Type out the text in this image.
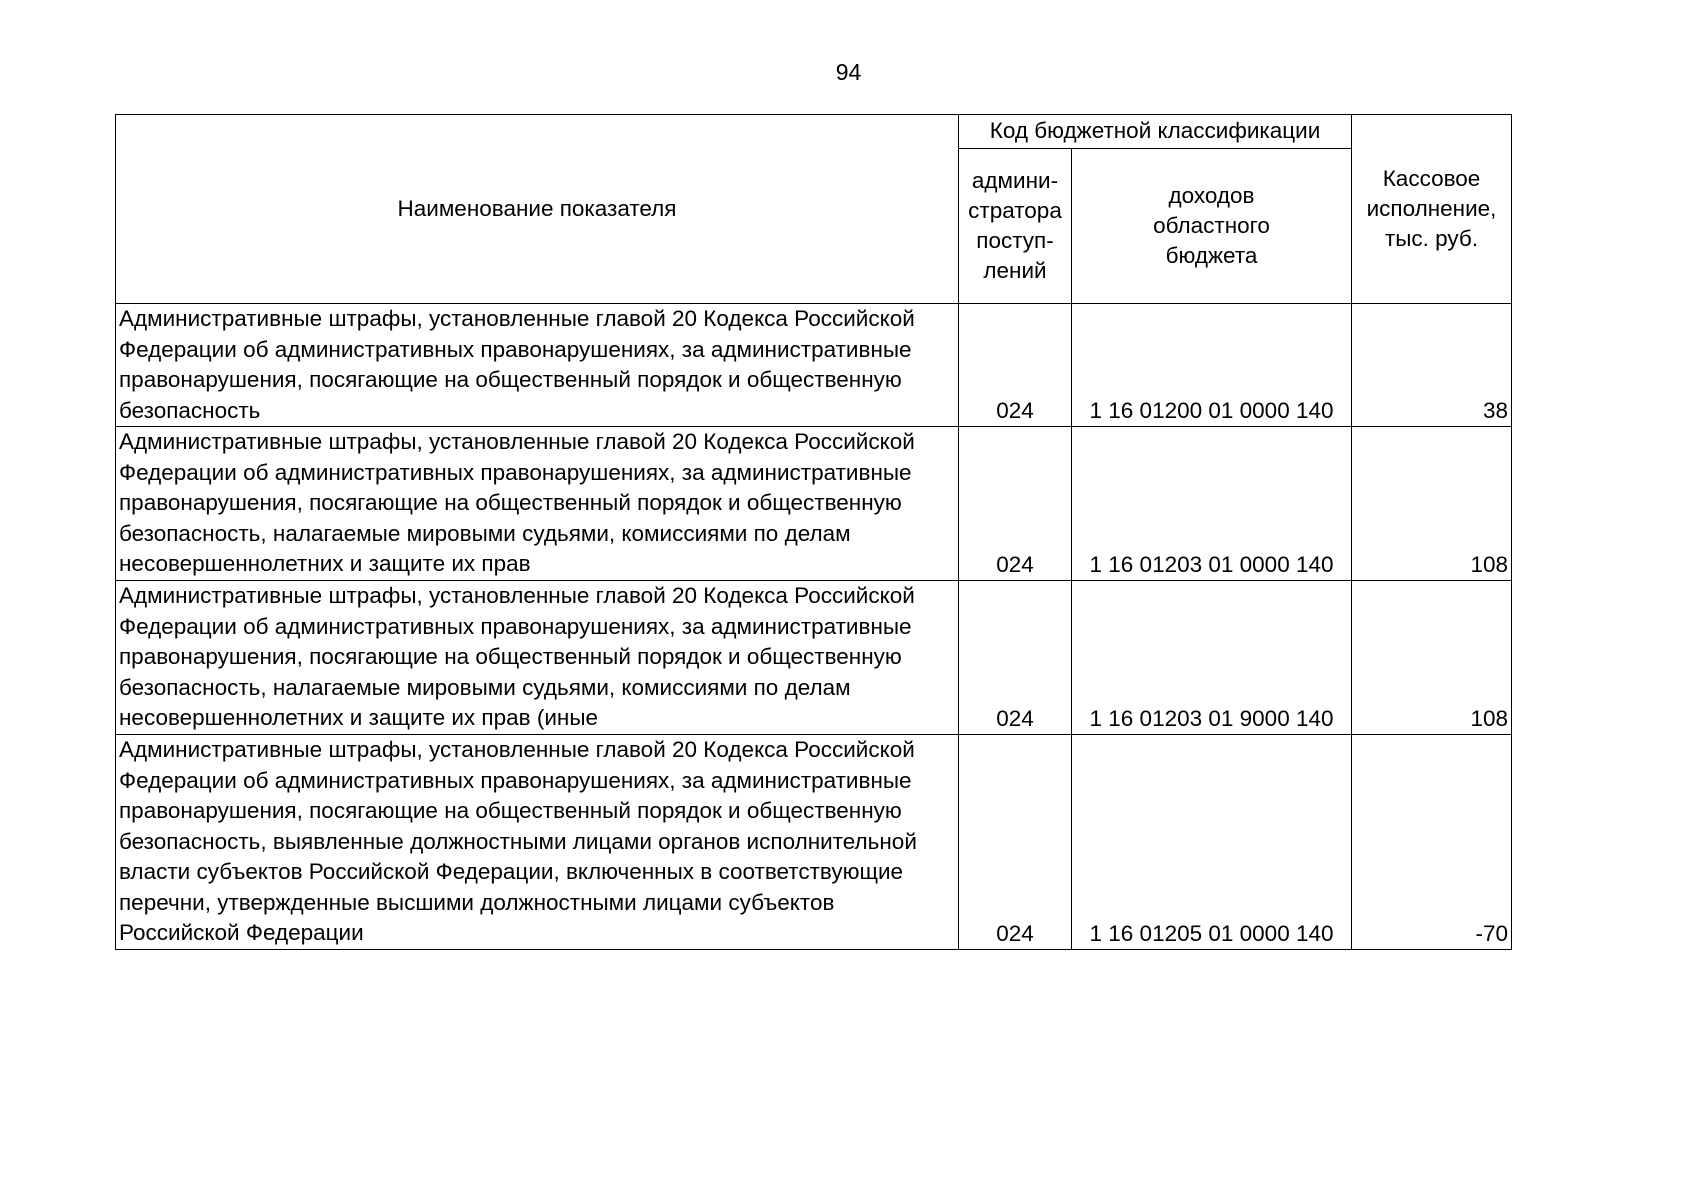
94
Наименование показателя	Код бюджетной классификации		Кассовое
исполнение,
тыс. руб.
	админи-
стратора
поступ-
лений	доходов
областного
бюджета	
Административные штрафы, установленные главой 20 Кодекса Российской Федерации об административных правонарушениях, за административные правонарушения, посягающие на общественный порядок и общественную безопасность	024	1 16 01200 01 0000 140	38
Административные штрафы, установленные главой 20 Кодекса Российской Федерации об административных правонарушениях, за административные правонарушения, посягающие на общественный порядок и общественную безопасность, налагаемые мировыми судьями, комиссиями по делам несовершеннолетних и защите их прав	024	1 16 01203 01 0000 140	108
Административные штрафы, установленные главой 20 Кодекса Российской Федерации об административных правонарушениях, за административные правонарушения, посягающие на общественный порядок и общественную безопасность, налагаемые мировыми судьями, комиссиями по делам несовершеннолетних и защите их прав (иные	024	1 16 01203 01 9000 140	108
Административные штрафы, установленные главой 20 Кодекса Российской Федерации об административных правонарушениях, за административные правонарушения, посягающие на общественный порядок и общественную безопасность, выявленные должностными лицами органов исполнительной власти субъектов Российской Федерации, включенных в соответствующие перечни, утвержденные высшими должностными лицами субъектов Российской Федерации	024	1 16 01205 01 0000 140	-70
